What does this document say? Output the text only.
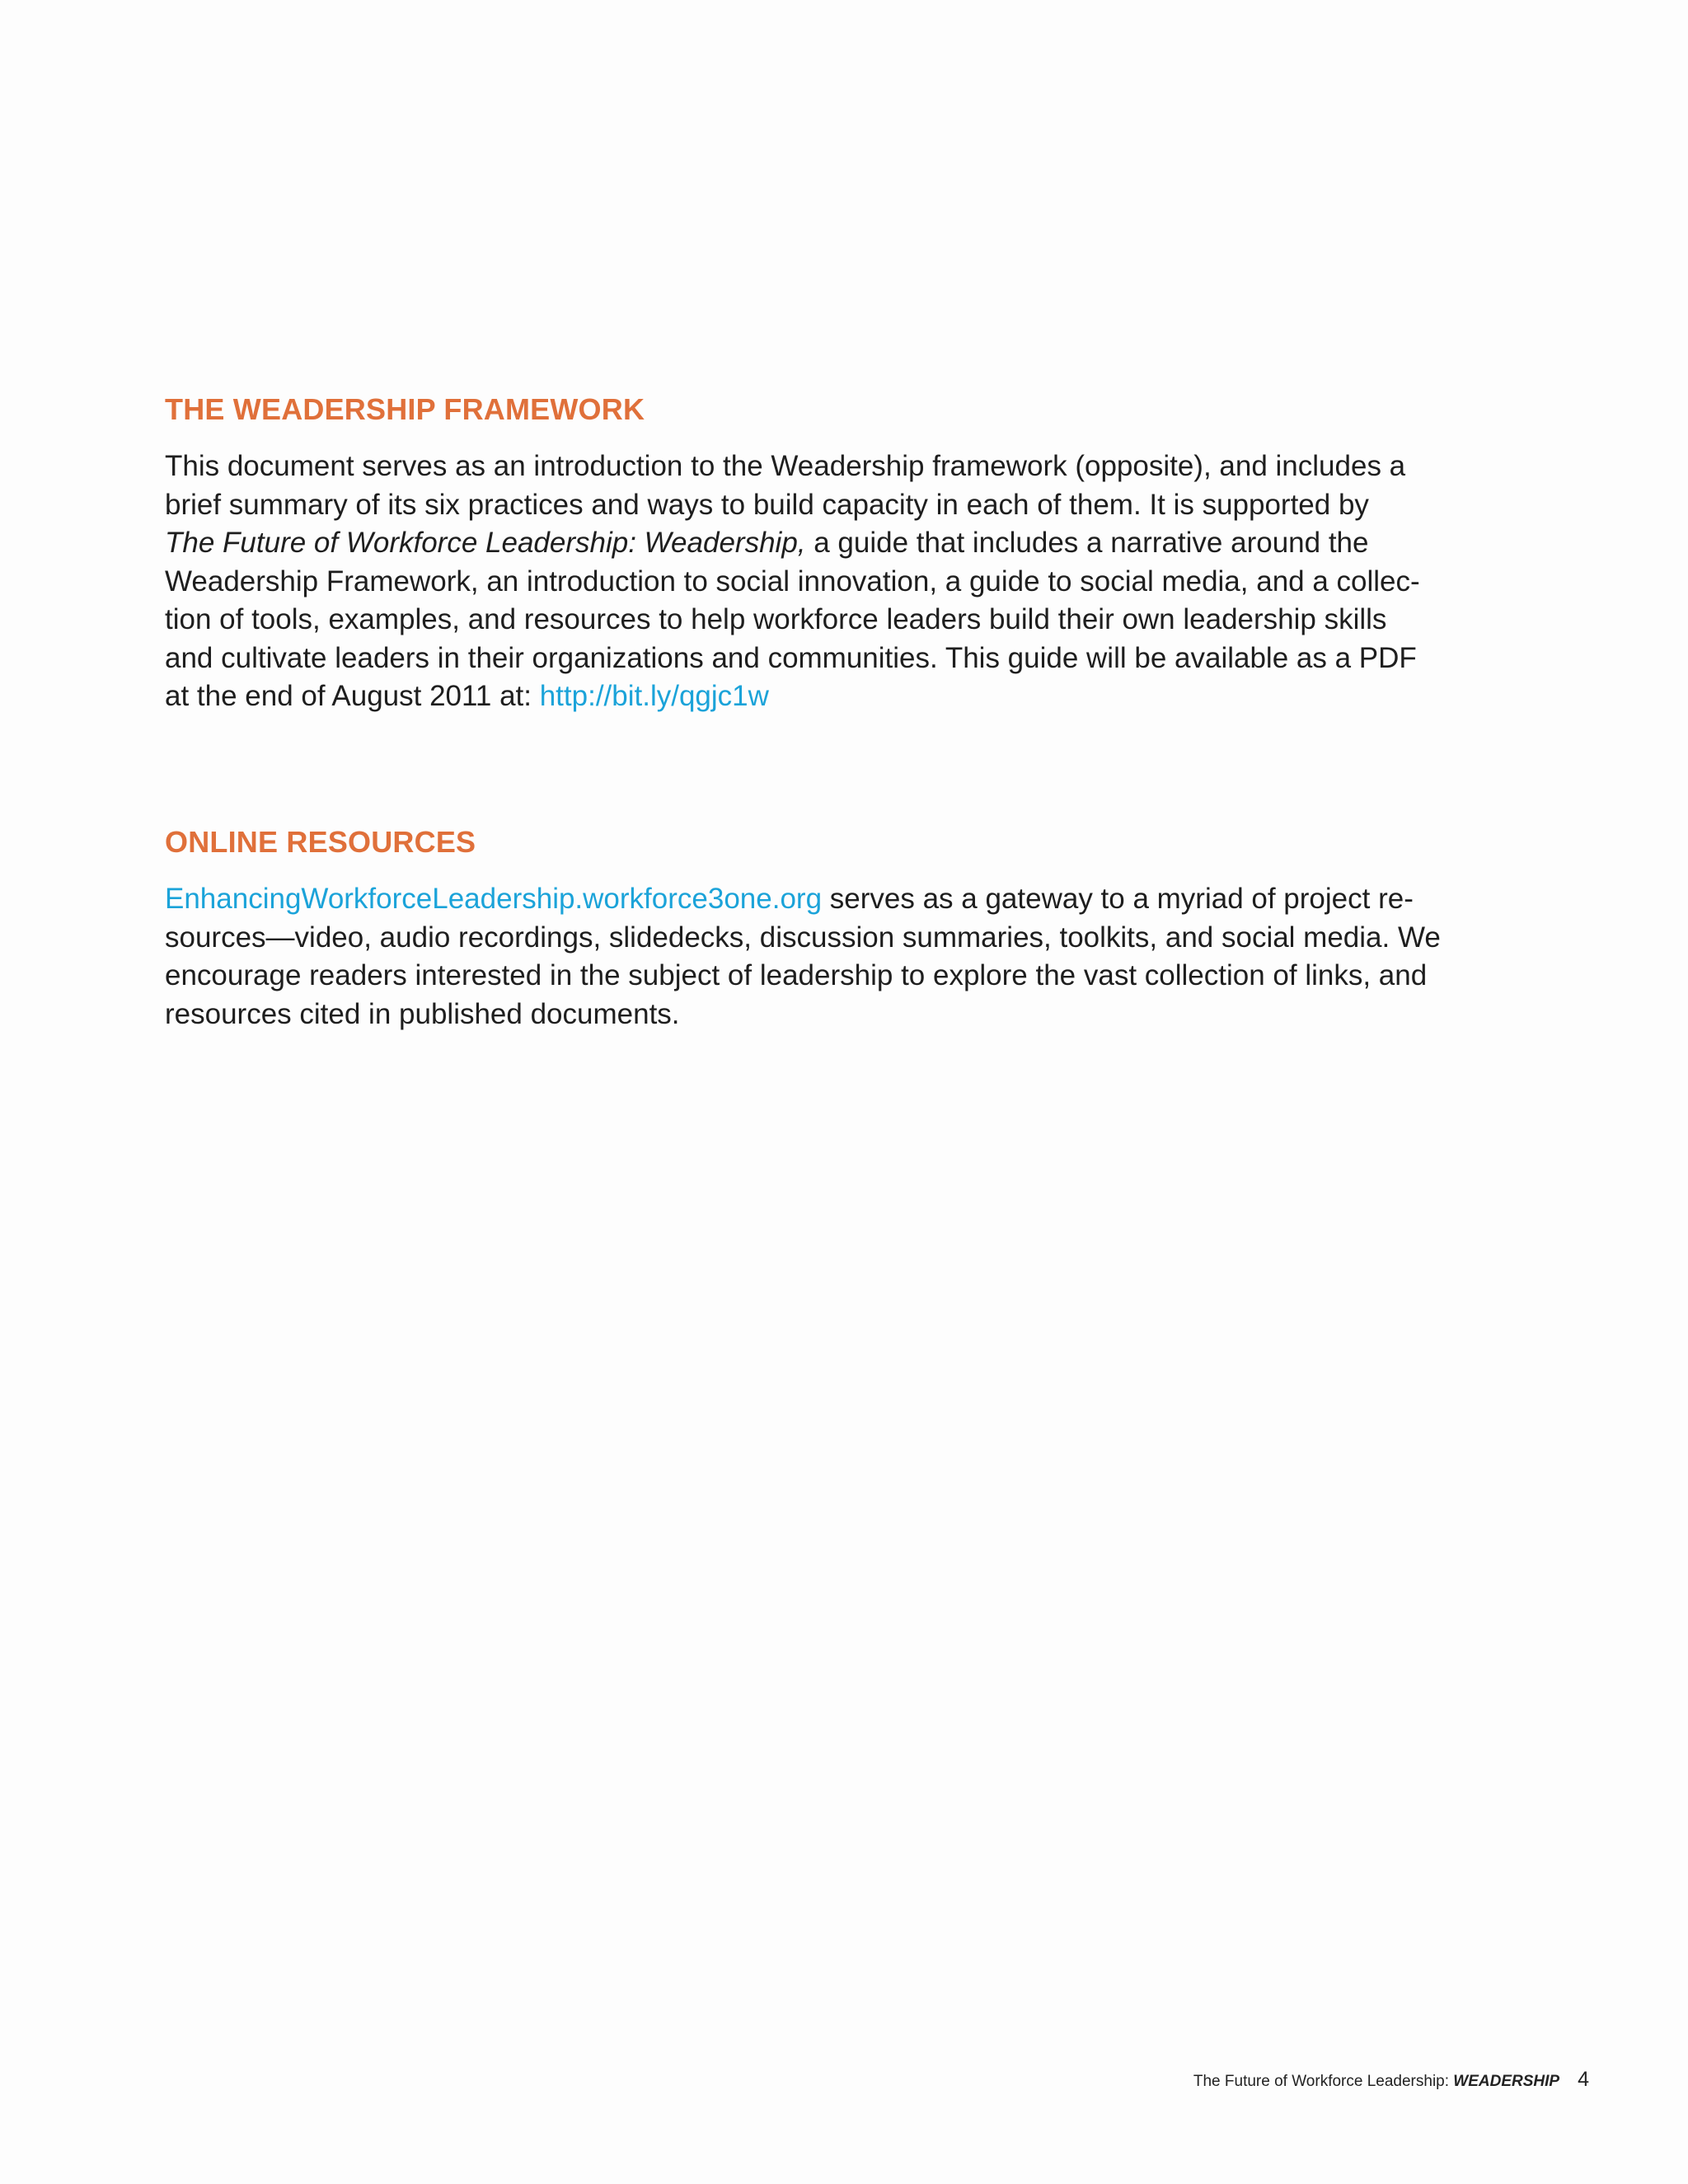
THE WEADERSHIP FRAMEWORK

This document serves as an introduction to the Weadership framework (opposite), and includes a
brief summary of its six practices and ways to build capacity in each of them. It is supported by
The Future of Workforce Leadership: Weadership, a guide that includes a narrative around the
Weadership Framework, an introduction to social innovation, a guide to social media, and a collec-
tion of tools, examples, and resources to help workforce leaders build their own leadership skills
and cultivate leaders in their organizations and communities. This guide will be available as a PDF
at the end of August 2011 at: http://bit.ly/qgjc1w

ONLINE RESOURCES

EnhancingWorkforceLeadership.workforce3one.org serves as a gateway to a myriad of project re-
sources—video, audio recordings, slidedecks, discussion summaries, toolkits, and social media. We
encourage readers interested in the subject of leadership to explore the vast collection of links, and
resources cited in published documents.

The Future of Workforce Leadership: WEADERSHIP 4
